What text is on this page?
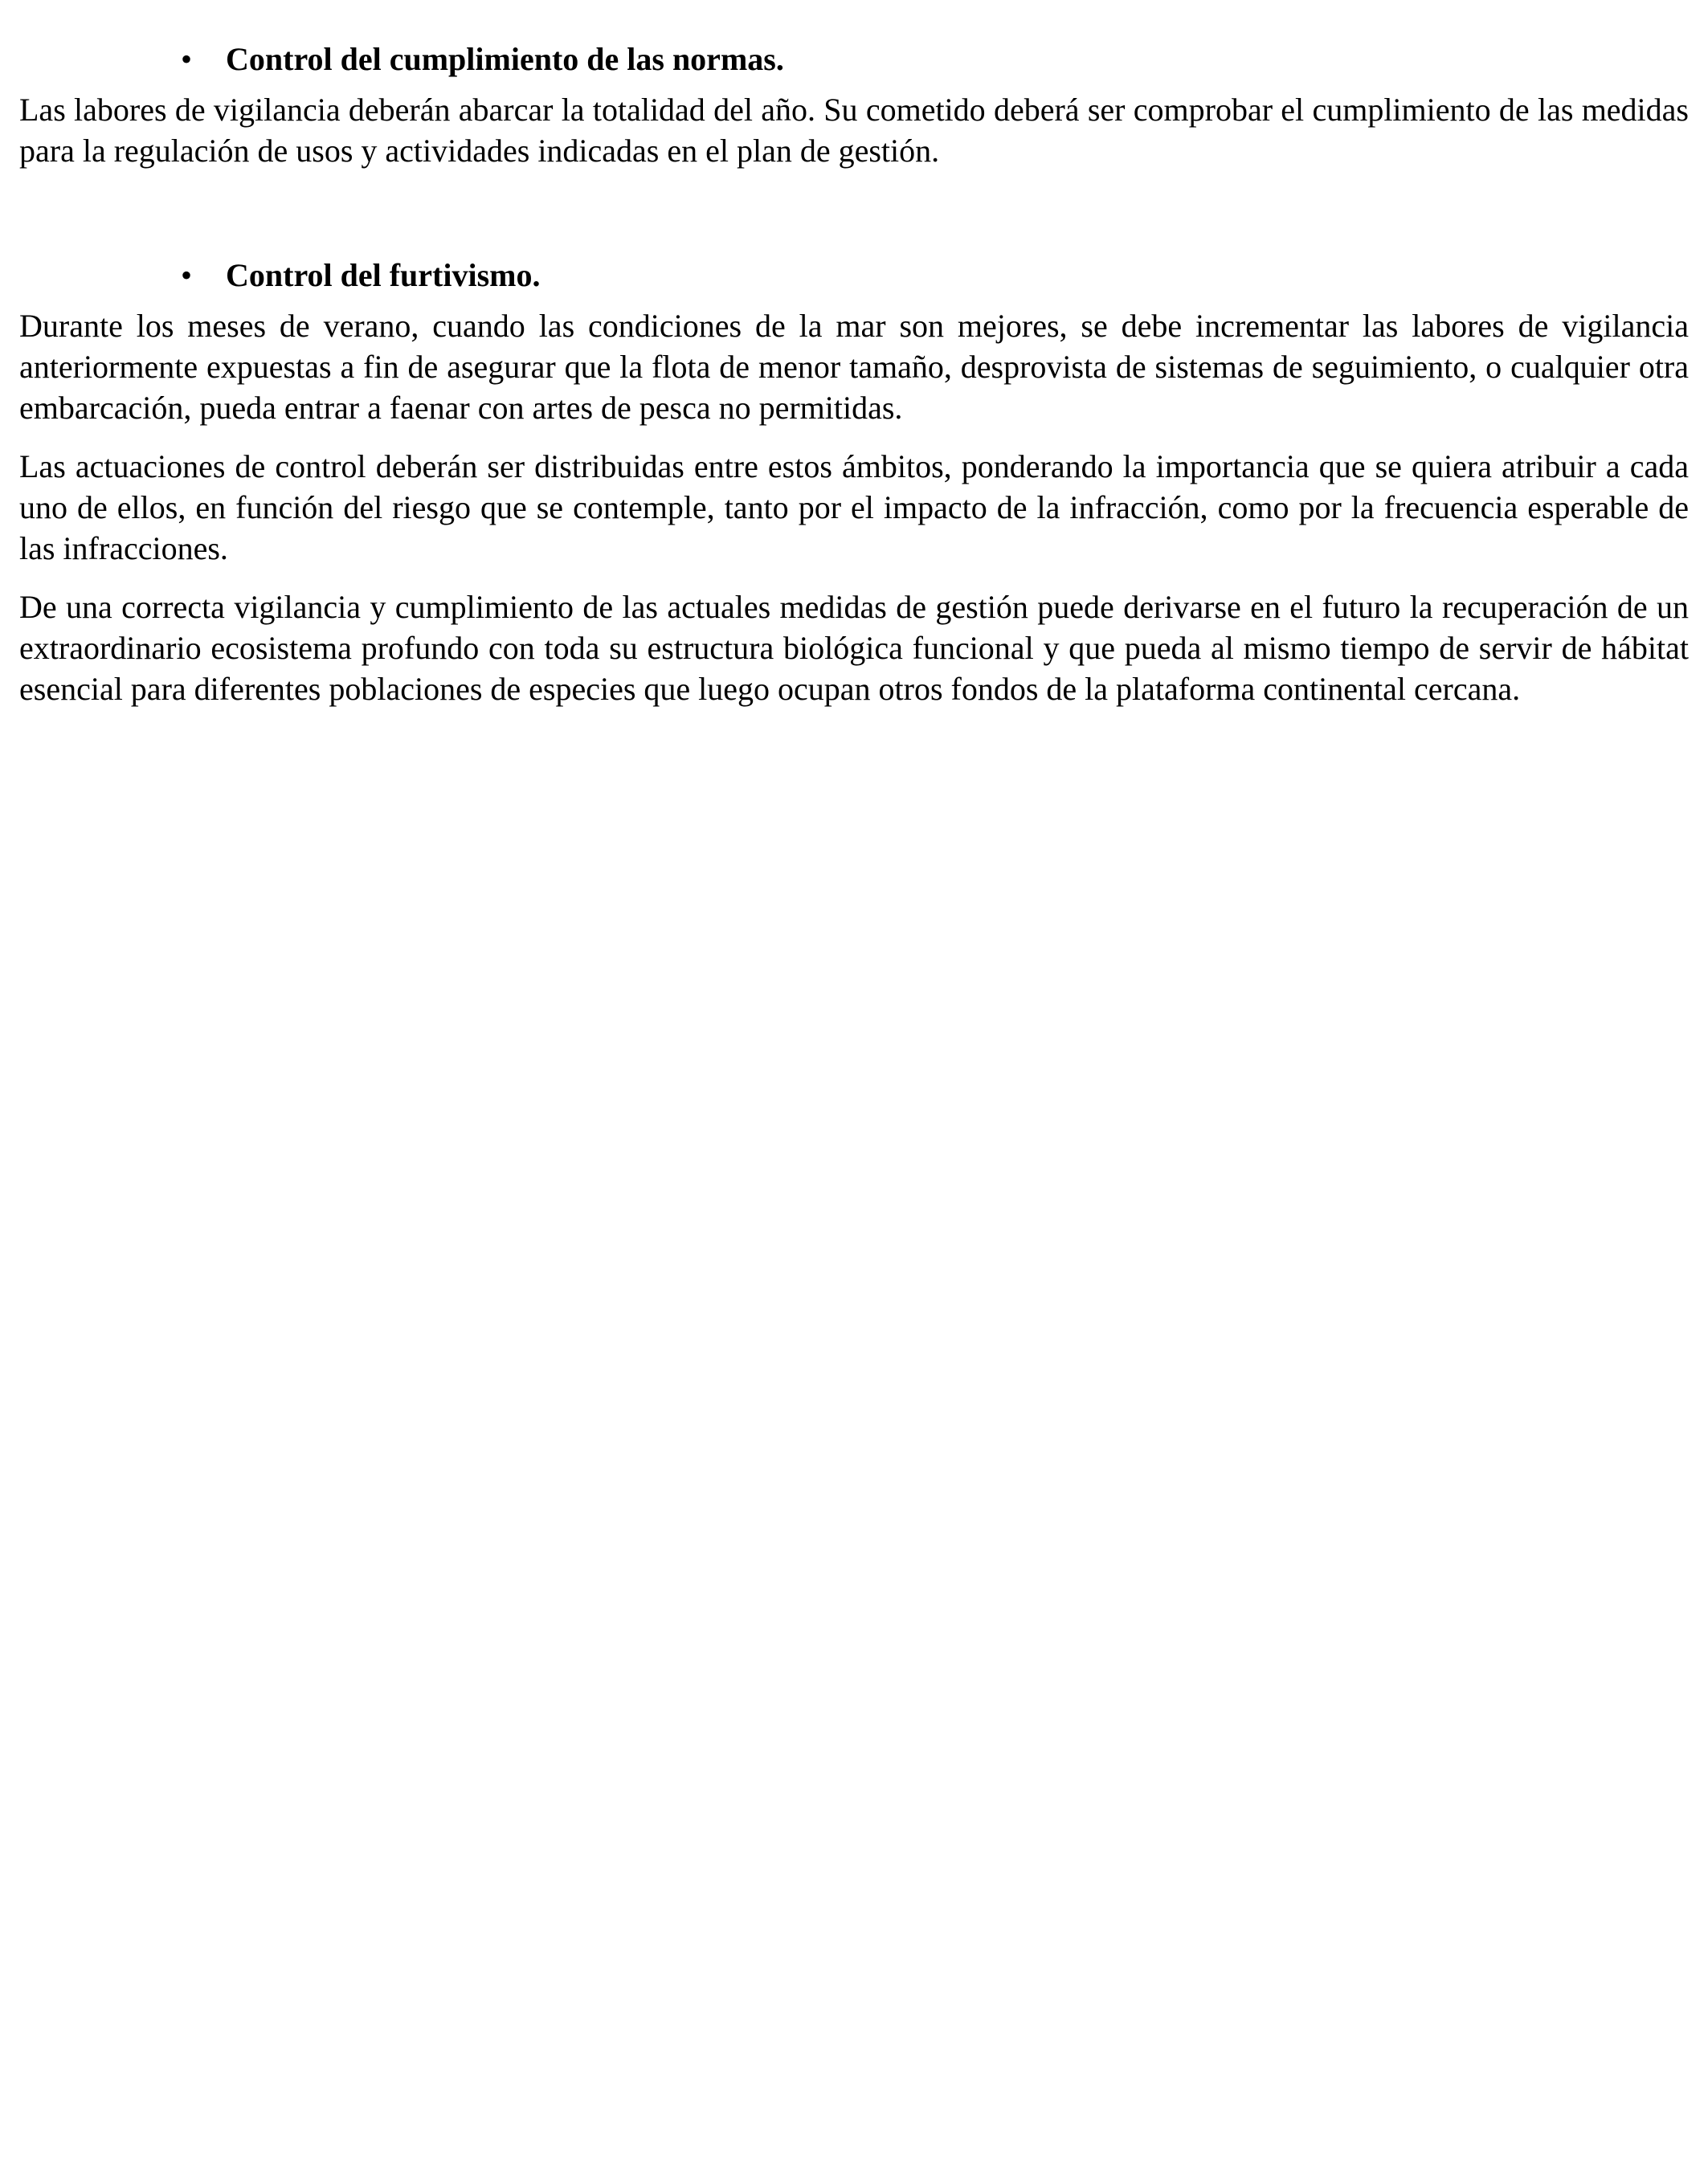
•	Control del cumplimiento de las normas.

Las labores de vigilancia deberán abarcar la totalidad del año. Su cometido deberá ser comprobar el cumplimiento de las medidas para la regulación de usos y actividades indicadas en el plan de gestión.

•	Control del furtivismo.

Durante los meses de verano, cuando las condiciones de la mar son mejores, se debe incrementar las labores de vigilancia anteriormente expuestas a fin de asegurar que la flota de menor tamaño, desprovista de sistemas de seguimiento, o cualquier otra embarcación, pueda entrar a faenar con artes de pesca no permitidas.

Las actuaciones de control deberán ser distribuidas entre estos ámbitos, ponderando la importancia que se quiera atribuir a cada uno de ellos, en función del riesgo que se contemple, tanto por el impacto de la infracción, como por la frecuencia esperable de las infracciones.

De una correcta vigilancia y cumplimiento de las actuales medidas de gestión puede derivarse en el futuro la recuperación de un extraordinario ecosistema profundo con toda su estructura biológica funcional y que pueda al mismo tiempo de servir de hábitat esencial para diferentes poblaciones de especies que luego ocupan otros fondos de la plataforma continental cercana.
